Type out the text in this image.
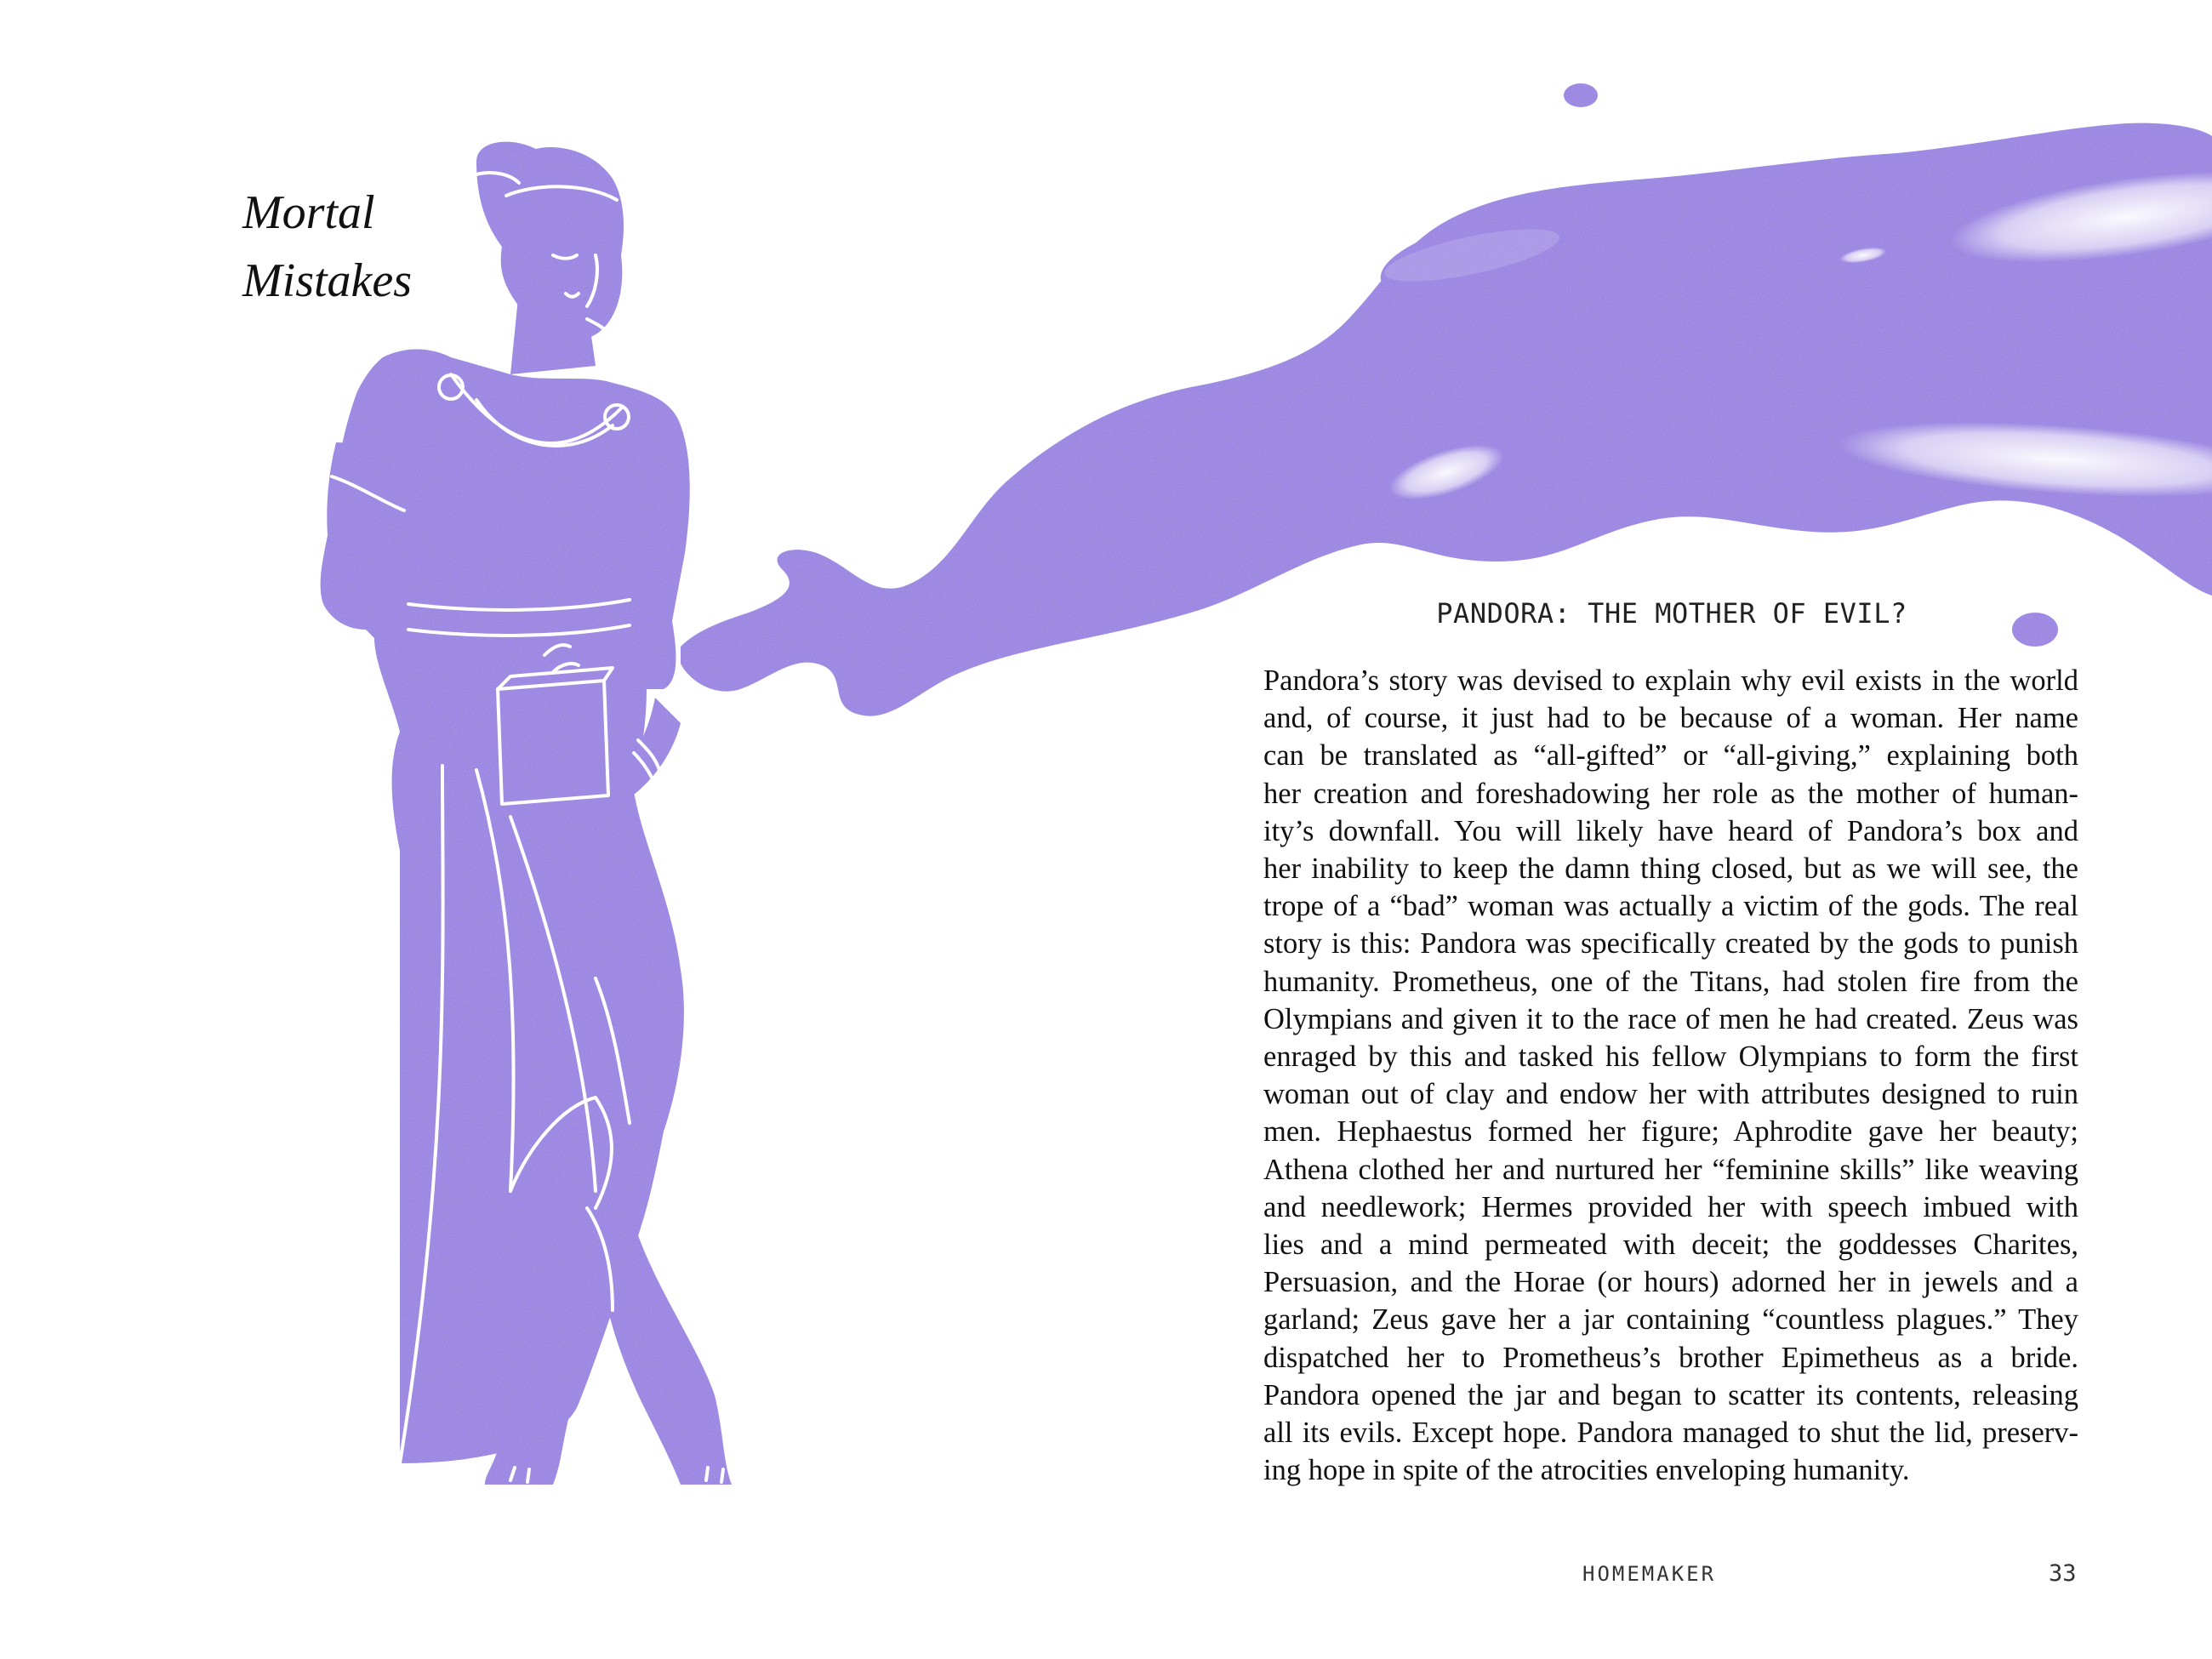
Mortal
Mistakes
PANDORA: THE MOTHER OF EVIL?
Pandora’s story was devised to explain why evil exists in the world
and, of course, it just had to be because of a woman. Her name
can be translated as “all-gifted” or “all-giving,” explaining both
her creation and foreshadowing her role as the mother of human-
ity’s downfall. You will likely have heard of Pandora’s box and
her inability to keep the damn thing closed, but as we will see, the
trope of a “bad” woman was actually a victim of the gods. The real
story is this: Pandora was specifically created by the gods to punish
humanity. Prometheus, one of the Titans, had stolen fire from the
Olympians and given it to the race of men he had created. Zeus was
enraged by this and tasked his fellow Olympians to form the first
woman out of clay and endow her with attributes designed to ruin
men. Hephaestus formed her figure; Aphrodite gave her beauty;
Athena clothed her and nurtured her “feminine skills” like weaving
and needlework; Hermes provided her with speech imbued with
lies and a mind permeated with deceit; the goddesses Charites,
Persuasion, and the Horae (or hours) adorned her in jewels and a
garland; Zeus gave her a jar containing “countless plagues.” They
dispatched her to Prometheus’s brother Epimetheus as a bride.
Pandora opened the jar and began to scatter its contents, releasing
all its evils. Except hope. Pandora managed to shut the lid, preserv-
ing hope in spite of the atrocities enveloping humanity.
HOMEMAKER	33
